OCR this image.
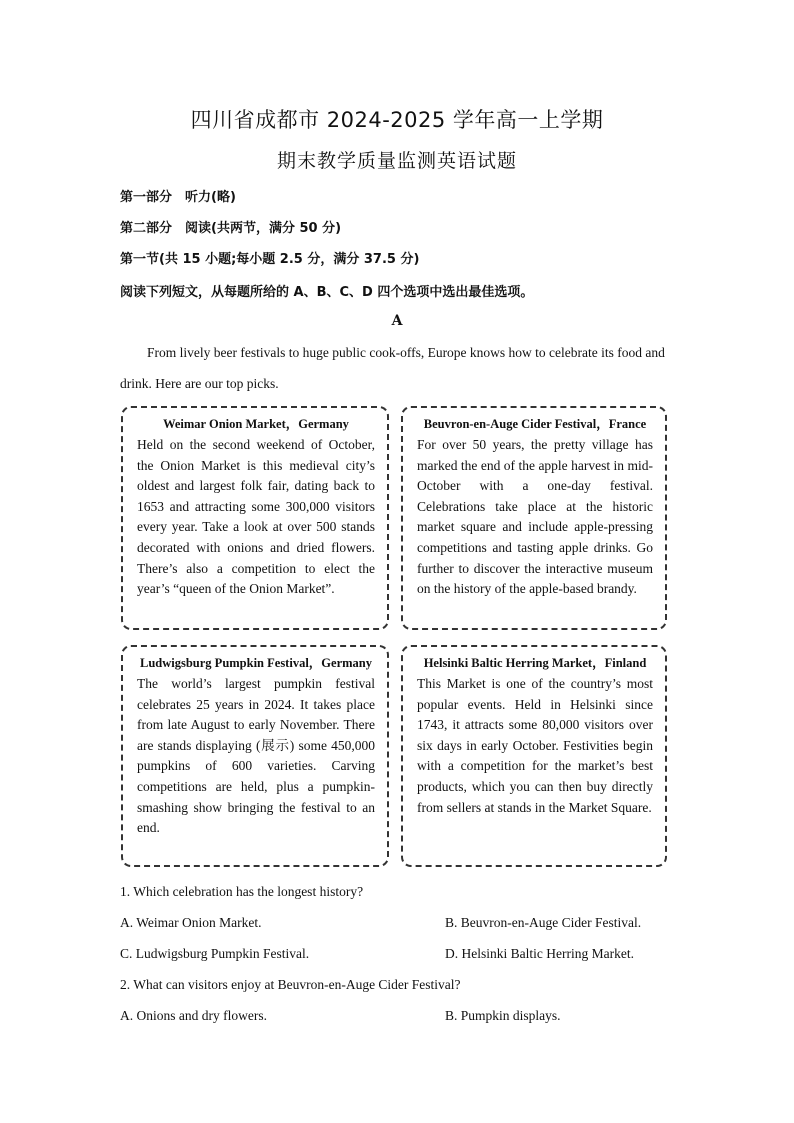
四川省成都市 2024-2025 学年高一上学期
期末教学质量监测英语试题
第一部分　听力(略)
第二部分　阅读(共两节，满分 50 分)
第一节(共 15 小题;每小题 2.5 分，满分 37.5 分)
阅读下列短文，从每题所给的 A、B、C、D 四个选项中选出最佳选项。
A
From lively beer festivals to huge public cook-offs, Europe knows how to celebrate its food and drink. Here are our top picks.
Weimar Onion Market，Germany
Held on the second weekend of October, the Onion Market is this medieval city’s oldest and largest folk fair, dating back to 1653 and attracting some 300,000 visitors every year. Take a look at over 500 stands decorated with onions and dried flowers. There’s also a competition to elect the year’s “queen of the Onion Market”.
Beuvron-en-Auge Cider Festival，France
For over 50 years, the pretty village has marked the end of the apple harvest in mid-October with a one-day festival. Celebrations take place at the historic market square and include apple-pressing competitions and tasting apple drinks. Go further to discover the interactive museum on the history of the apple-based brandy.
Ludwigsburg Pumpkin Festival，Germany
The world’s largest pumpkin festival celebrates 25 years in 2024. It takes place from late August to early November. There are stands displaying (展示) some 450,000 pumpkins of 600 varieties. Carving competitions are held, plus a pumpkin-smashing show bringing the festival to an end.
Helsinki Baltic Herring Market，Finland
This Market is one of the country’s most popular events. Held in Helsinki since 1743, it attracts some 80,000 visitors over six days in early October. Festivities begin with a competition for the market’s best products, which you can then buy directly from sellers at stands in the Market Square.
1. Which celebration has the longest history?
A. Weimar Onion Market.	B. Beuvron-en-Auge Cider Festival.
C. Ludwigsburg Pumpkin Festival.	D. Helsinki Baltic Herring Market.
2. What can visitors enjoy at Beuvron-en-Auge Cider Festival?
A. Onions and dry flowers.	B. Pumpkin displays.
